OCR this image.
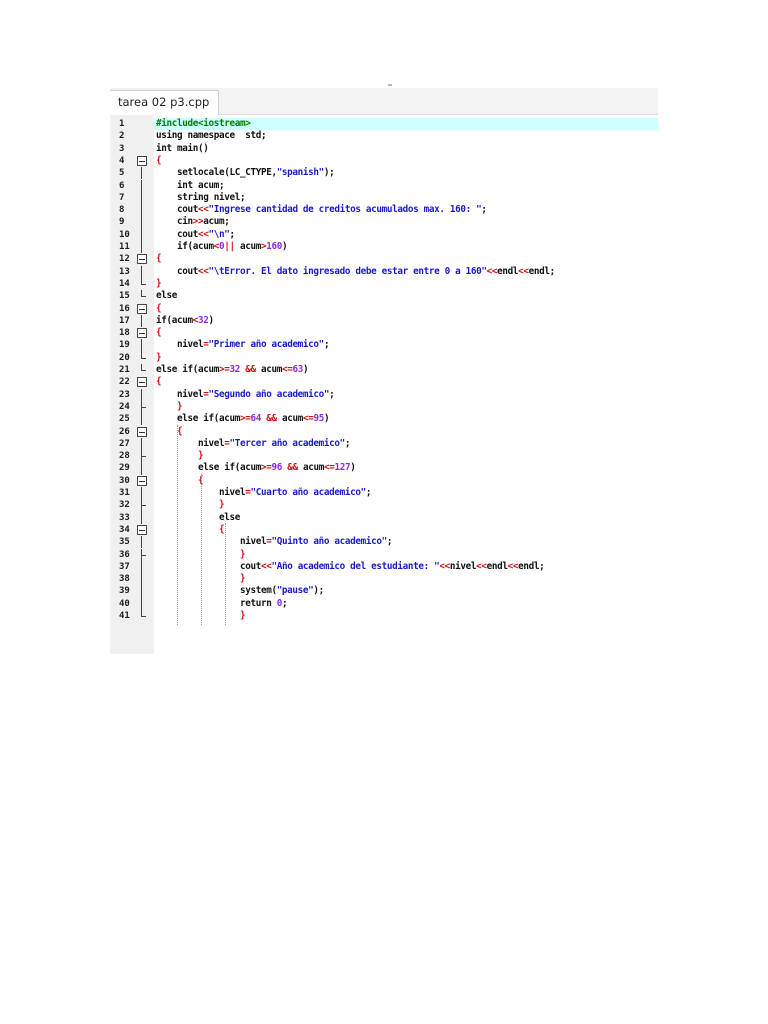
tarea 02 p3.cpp
1	#include<iostream>
2	using namespace  std;
3	int main()
4	{
5	setlocale(LC_CTYPE,"spanish");
6	int acum;
7	string nivel;
8	cout<<"Ingrese cantidad de creditos acumulados max. 160: ";
9	cin>>acum;
10	cout<<"\n";
11	if(acum<0|| acum>160)
12	{
13	cout<<"\tError. El dato ingresado debe estar entre 0 a 160"<<endl<<endl;
14	}
15	else
16	{
17	if(acum<32)
18	{
19	nivel="Primer año academico";
20	}
21	else if(acum>=32 && acum<=63)
22	{
23	nivel="Segundo año academico";
24	}
25	else if(acum>=64 && acum<=95)
26	{
27	nivel="Tercer año academico";
28	}
29	else if(acum>=96 && acum<=127)
30	{
31	nivel="Cuarto año academico";
32	}
33	else
34	{
35	nivel="Quinto año academico";
36	}
37	cout<<"Año academico del estudiante: "<<nivel<<endl<<endl;
38	}
39	system("pause");
40	return 0;
41	}
